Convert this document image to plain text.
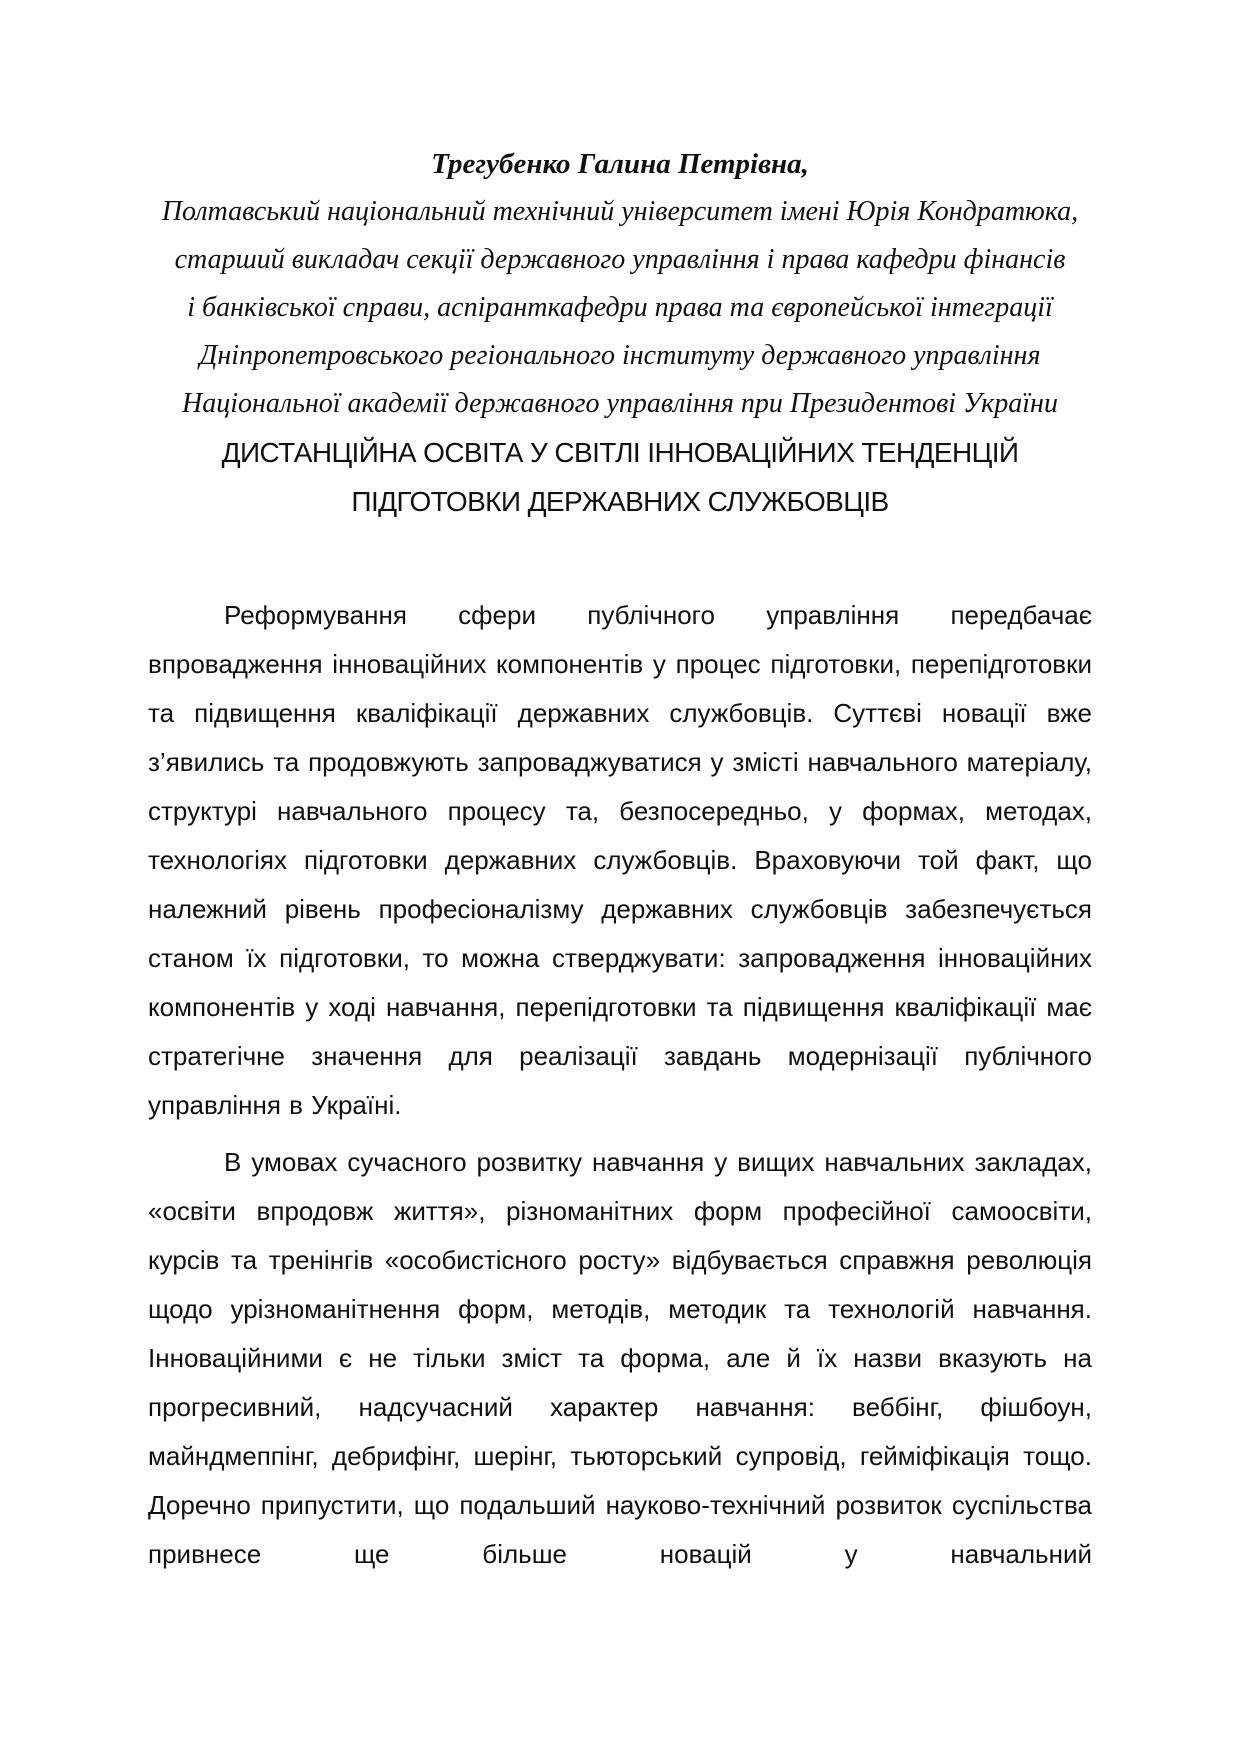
Трегубенко Галина Петрівна,

Полтавський національний технічний університет імені Юрія Кондратюка,

старший викладач секції державного управління і права кафедри фінансів

і банківської справи, аспіранткафедри права та європейської інтеграції

Дніпропетровського регіонального інституту державного управління

Національної академії державного управління при Президентові України

ДИСТАНЦІЙНА ОСВІТА У СВІТЛІ ІННОВАЦІЙНИХ ТЕНДЕНЦІЙ

ПІДГОТОВКИ ДЕРЖАВНИХ СЛУЖБОВЦІВ

Реформування сфери публічного управління передбачає впровадження інноваційних компонентів у процес підготовки, перепідготовки та підвищення кваліфікації державних службовців. Суттєві новації вже з’явились та продовжують запроваджуватися у змісті навчального матеріалу, структурі навчального процесу та, безпосередньо, у формах, методах, технологіях підготовки державних службовців. Враховуючи той факт, що належний рівень професіоналізму державних службовців забезпечується станом їх підготовки, то можна стверджувати: запровадження інноваційних компонентів у ході навчання, перепідготовки та підвищення кваліфікації має стратегічне значення для реалізації завдань модернізації публічного управління в Україні.

В умовах сучасного розвитку навчання у вищих навчальних закладах, «освіти впродовж життя», різноманітних форм професійної самоосвіти, курсів та тренінгів «особистісного росту» відбувається справжня революція щодо урізноманітнення форм, методів, методик та технологій навчання. Інноваційними є не тільки зміст та форма, але й їх назви вказують на прогресивний, надсучасний характер навчання: веббінг, фішбоун, майндмеппінг, дебрифінг, шерінг, тьюторський супровід, гейміфікація тощо. Доречно припустити, що подальший науково-технічний розвиток суспільства привнесе ще більше новацій у навчальний
